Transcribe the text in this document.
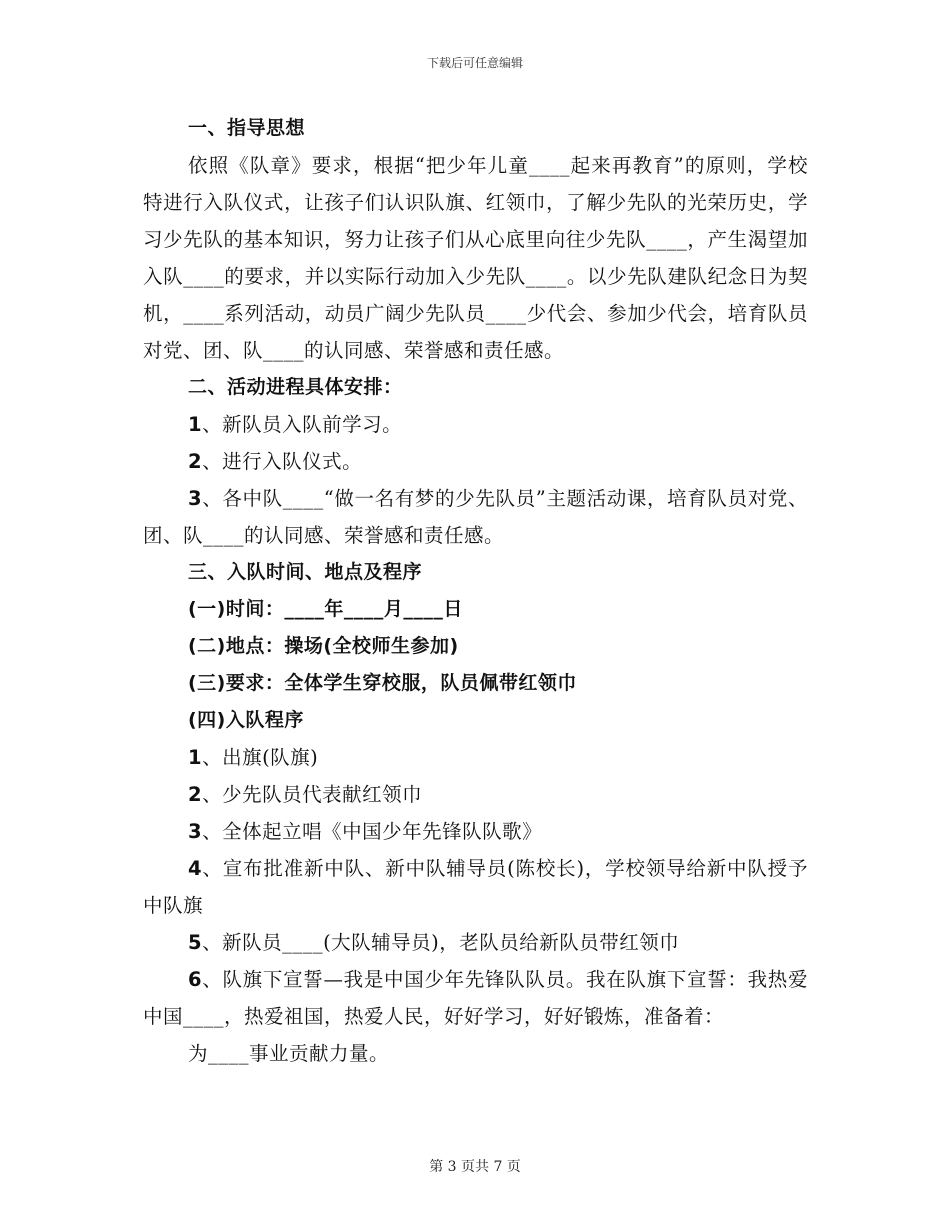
下载后可任意编辑

一、指导思想

依照《队章》要求，根据“把少年儿童____起来再教育”的原则，学校特进行入队仪式，让孩子们认识队旗、红领巾，了解少先队的光荣历史，学习少先队的基本知识，努力让孩子们从心底里向往少先队____，产生渴望加入队____的要求，并以实际行动加入少先队____。以少先队建队纪念日为契机，____系列活动，动员广阔少先队员____少代会、参加少代会，培育队员对党、团、队____的认同感、荣誉感和责任感。

二、活动进程具体安排：

1、新队员入队前学习。

2、进行入队仪式。

3、各中队____“做一名有梦的少先队员”主题活动课，培育队员对党、团、队____的认同感、荣誉感和责任感。

三、入队时间、地点及程序

(一)时间：____年____月____日

(二)地点：操场(全校师生参加)

(三)要求：全体学生穿校服，队员佩带红领巾

(四)入队程序

1、出旗(队旗)

2、少先队员代表献红领巾

3、全体起立唱《中国少年先锋队队歌》

4、宣布批准新中队、新中队辅导员(陈校长)，学校领导给新中队授予中队旗

5、新队员____(大队辅导员)，老队员给新队员带红领巾

6、队旗下宣誓—我是中国少年先锋队队员。我在队旗下宣誓：我热爱中国____，热爱祖国，热爱人民，好好学习，好好锻炼，准备着：

为____事业贡献力量。

第 3 页共 7 页
